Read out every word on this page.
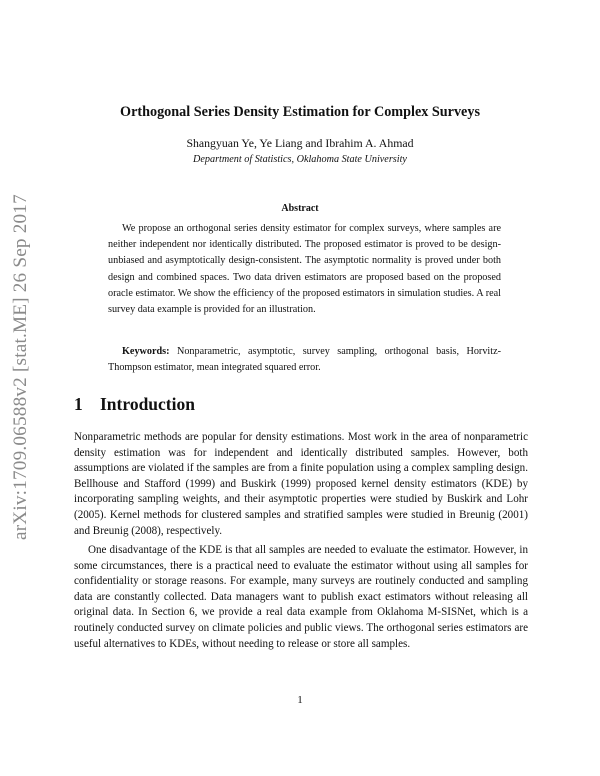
arXiv:1709.06588v2 [stat.ME] 26 Sep 2017
Orthogonal Series Density Estimation for Complex Surveys
Shangyuan Ye, Ye Liang and Ibrahim A. Ahmad
Department of Statistics, Oklahoma State University
Abstract

We propose an orthogonal series density estimator for complex surveys, where samples are neither independent nor identically distributed. The proposed estimator is proved to be design-unbiased and asymptotically design-consistent. The asymptotic normality is proved under both design and combined spaces. Two data driven estimators are proposed based on the proposed oracle estimator. We show the efficiency of the proposed estimators in simulation studies. A real survey data example is provided for an illustration.

Keywords: Nonparametric, asymptotic, survey sampling, orthogonal basis, Horvitz-Thompson estimator, mean integrated squared error.

1 Introduction

Nonparametric methods are popular for density estimations. Most work in the area of nonparametric density estimation was for independent and identically distributed samples. However, both assumptions are violated if the samples are from a finite population using a complex sampling design. Bellhouse and Stafford (1999) and Buskirk (1999) proposed kernel density estimators (KDE) by incorporating sampling weights, and their asymptotic properties were studied by Buskirk and Lohr (2005). Kernel methods for clustered samples and stratified samples were studied in Breunig (2001) and Breunig (2008), respectively.

One disadvantage of the KDE is that all samples are needed to evaluate the estimator. However, in some circumstances, there is a practical need to evaluate the estimator without using all samples for confidentiality or storage reasons. For example, many surveys are routinely conducted and sampling data are constantly collected. Data managers want to publish exact estimators without releasing all original data. In Section 6, we provide a real data example from Oklahoma M-SISNet, which is a routinely conducted survey on climate policies and public views. The orthogonal series estimators are useful alternatives to KDEs, without needing to release or store all samples.

1
